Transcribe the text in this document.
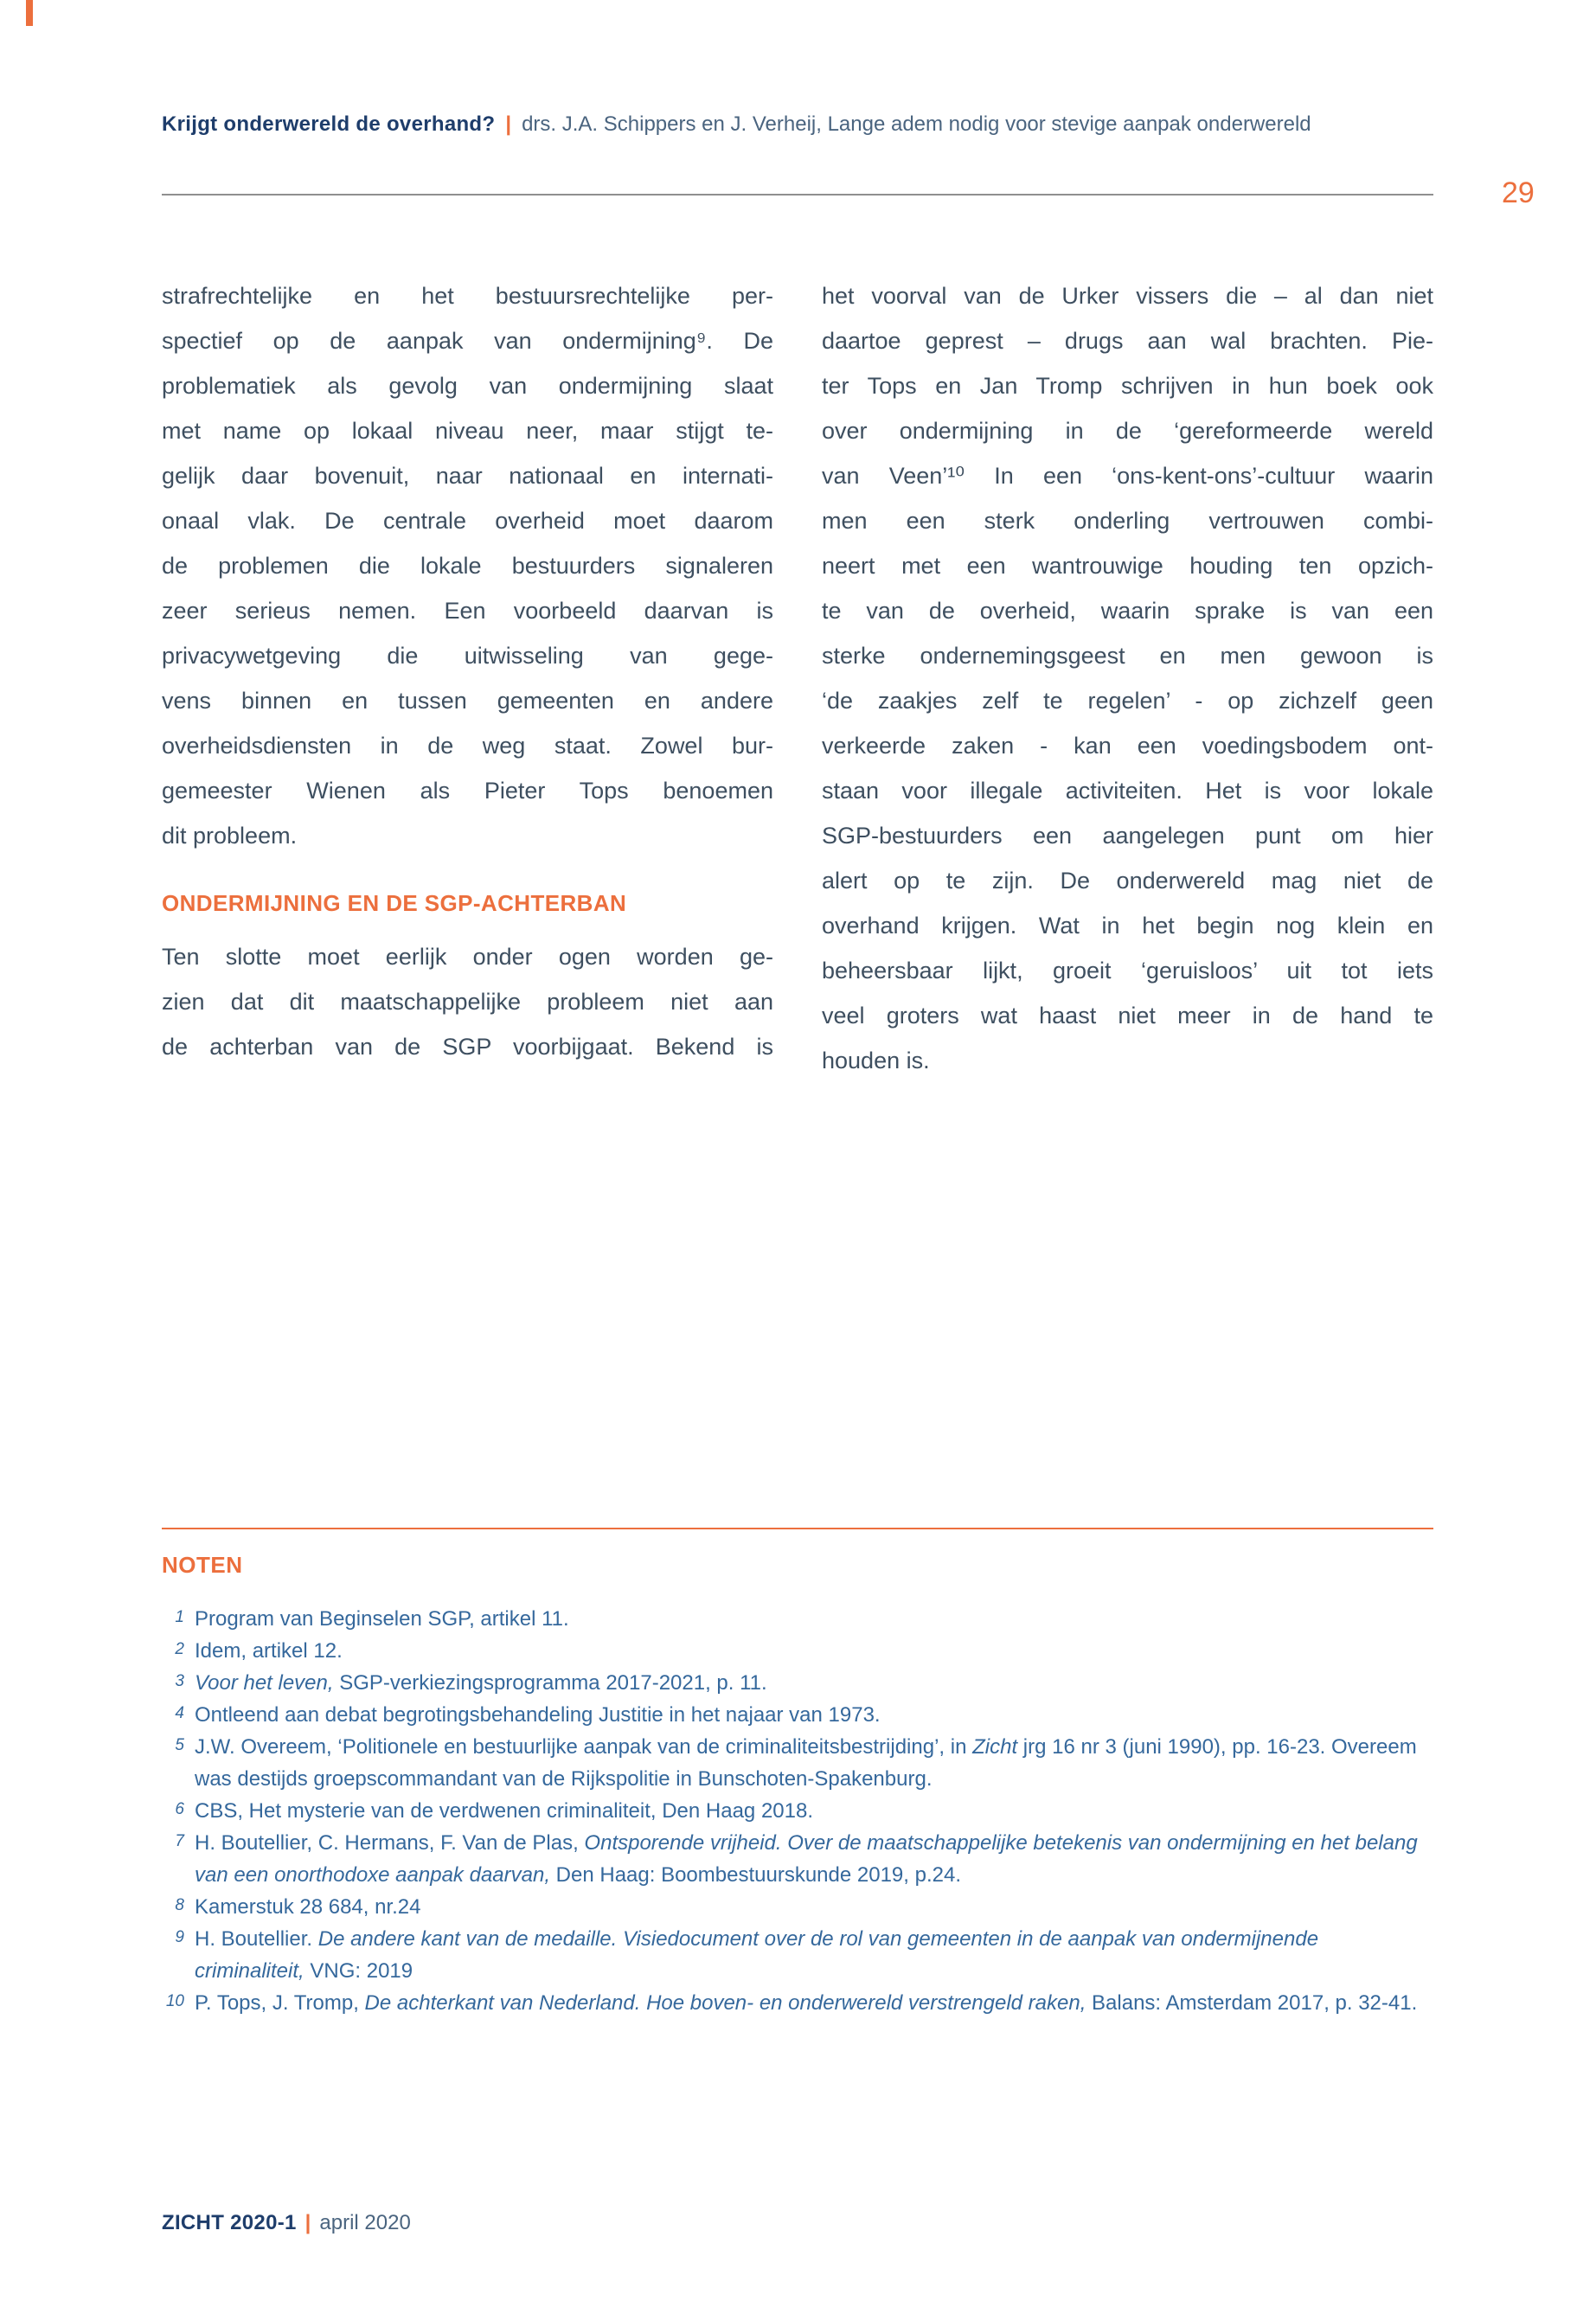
Krijgt onderwereld de overhand? | drs. J.A. Schippers en J. Verheij, Lange adem nodig voor stevige aanpak onderwereld
29
strafrechtelijke en het bestuursrechtelijke per-
spectief op de aanpak van ondermijning⁹. De
problematiek als gevolg van ondermijning slaat
met name op lokaal niveau neer, maar stijgt te-
gelijk daar bovenuit, naar nationaal en internati-
onaal vlak. De centrale overheid moet daarom
de problemen die lokale bestuurders signaleren
zeer serieus nemen. Een voorbeeld daarvan is
privacywetgeving die uitwisseling van gege-
vens binnen en tussen gemeenten en andere
overheidsdiensten in de weg staat. Zowel bur-
gemeester Wienen als Pieter Tops benoemen
dit probleem.
ONDERMIJNING EN DE SGP-ACHTERBAN
Ten slotte moet eerlijk onder ogen worden ge-
zien dat dit maatschappelijke probleem niet aan
de achterban van de SGP voorbijgaat. Bekend is
het voorval van de Urker vissers die – al dan niet
daartoe geprest – drugs aan wal brachten. Pie-
ter Tops en Jan Tromp schrijven in hun boek ook
over ondermijning in de ‘gereformeerde wereld
van Veen’¹⁰ In een ‘ons-kent-ons’-cultuur waarin
men een sterk onderling vertrouwen combi-
neert met een wantrouwige houding ten opzich-
te van de overheid, waarin sprake is van een
sterke ondernemingsgeest en men gewoon is
‘de zaakjes zelf te regelen’ - op zichzelf geen
verkeerde zaken - kan een voedingsbodem ont-
staan voor illegale activiteiten. Het is voor lokale
SGP-bestuurders een aangelegen punt om hier
alert op te zijn. De onderwereld mag niet de
overhand krijgen. Wat in het begin nog klein en
beheersbaar lijkt, groeit ‘geruisloos’ uit tot iets
veel groters wat haast niet meer in de hand te
houden is.
NOTEN
1 Program van Beginselen SGP, artikel 11.
2 Idem, artikel 12.
3 Voor het leven, SGP-verkiezingsprogramma 2017-2021, p. 11.
4 Ontleend aan debat begrotingsbehandeling Justitie in het najaar van 1973.
5 J.W. Overeem, ‘Politionele en bestuurlijke aanpak van de criminaliteitsbestrijding’, in Zicht jrg 16 nr 3 (juni 1990), pp. 16-23. Overeem was destijds groepscommandant van de Rijkspolitie in Bunschoten-Spakenburg.
6 CBS, Het mysterie van de verdwenen criminaliteit, Den Haag 2018.
7 H. Boutellier, C. Hermans, F. Van de Plas, Ontsporende vrijheid. Over de maatschappelijke betekenis van ondermijning en het belang van een onorthodoxe aanpak daarvan, Den Haag: Boombestuurskunde 2019, p.24.
8 Kamerstuk 28 684, nr.24
9 H. Boutellier. De andere kant van de medaille. Visiedocument over de rol van gemeenten in de aanpak van ondermijnende criminaliteit, VNG: 2019
10 P. Tops, J. Tromp, De achterkant van Nederland. Hoe boven- en onderwereld verstrengeld raken, Balans: Amsterdam 2017, p. 32-41.
ZICHT 2020-1 | april 2020
